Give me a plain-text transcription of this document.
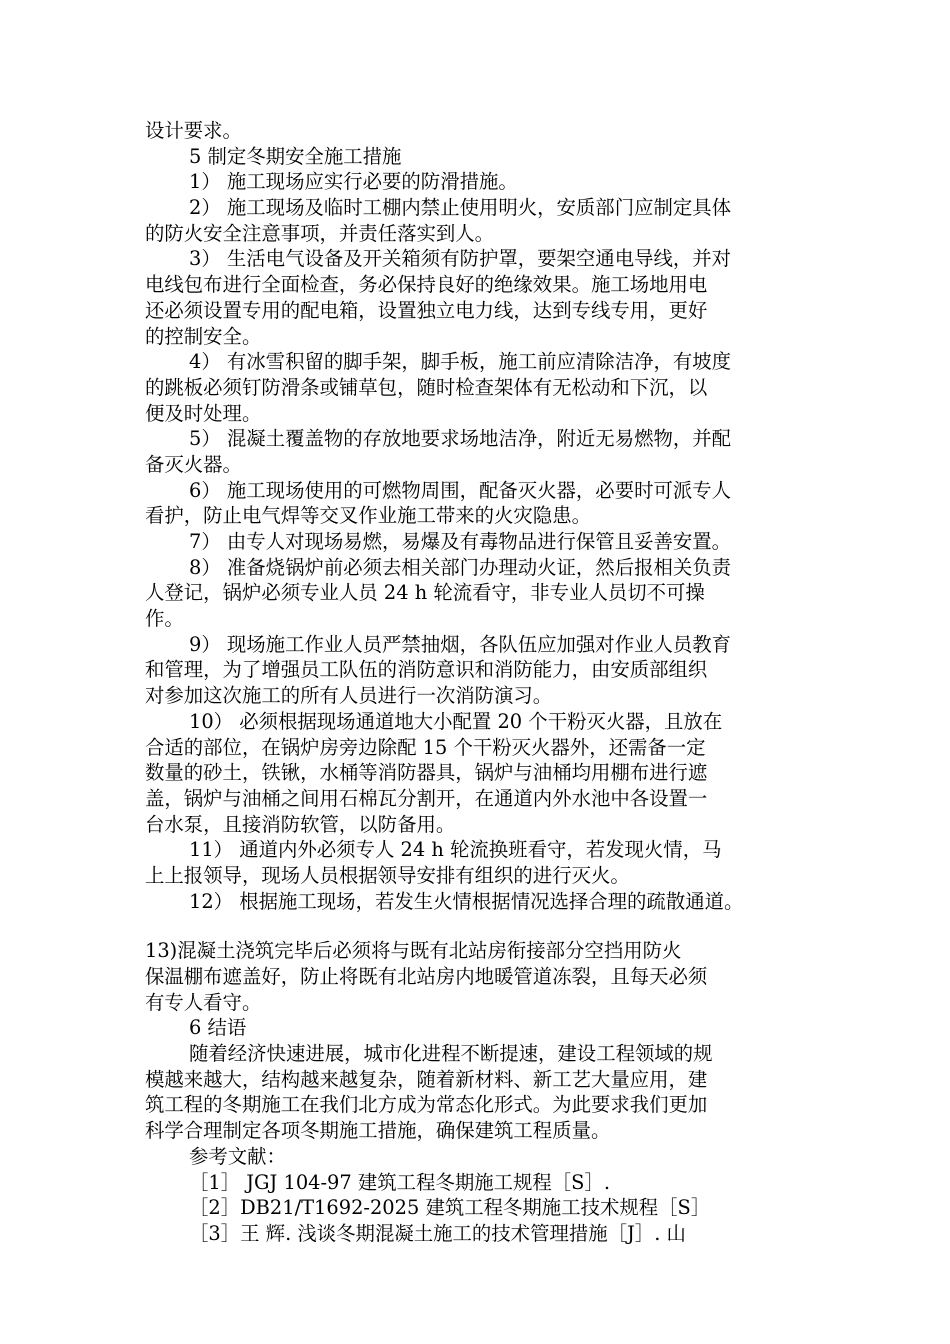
设计要求。
5 制定冬期安全施工措施
1） 施工现场应实行必要的防滑措施。
2） 施工现场及临时工棚内禁止使用明火，安质部门应制定具体
的防火安全注意事项，并责任落实到人。
3） 生活电气设备及开关箱须有防护罩，要架空通电导线，并对
电线包布进行全面检查，务必保持良好的绝缘效果。施工场地用电
还必须设置专用的配电箱，设置独立电力线，达到专线专用，更好
的控制安全。
4） 有冰雪积留的脚手架，脚手板，施工前应清除洁净，有坡度
的跳板必须钉防滑条或铺草包，随时检查架体有无松动和下沉，以
便及时处理。
5） 混凝土覆盖物的存放地要求场地洁净，附近无易燃物，并配
备灭火器。
6） 施工现场使用的可燃物周围，配备灭火器，必要时可派专人
看护，防止电气焊等交叉作业施工带来的火灾隐患。
7） 由专人对现场易燃，易爆及有毒物品进行保管且妥善安置。
8） 准备烧锅炉前必须去相关部门办理动火证，然后报相关负责
人登记，锅炉必须专业人员 24 h 轮流看守，非专业人员切不可操
作。
9） 现场施工作业人员严禁抽烟，各队伍应加强对作业人员教育
和管理，为了增强员工队伍的消防意识和消防能力，由安质部组织
对参加这次施工的所有人员进行一次消防演习。
10） 必须根据现场通道地大小配置 20 个干粉灭火器，且放在
合适的部位，在锅炉房旁边除配 15 个干粉灭火器外，还需备一定
数量的砂土，铁锹，水桶等消防器具，锅炉与油桶均用棚布进行遮
盖，锅炉与油桶之间用石棉瓦分割开，在通道内外水池中各设置一
台水泵，且接消防软管，以防备用。
11） 通道内外必须专人 24 h 轮流换班看守，若发现火情，马
上上报领导，现场人员根据领导安排有组织的进行灭火。
12） 根据施工现场，若发生火情根据情况选择合理的疏散通道。
13)混凝土浇筑完毕后必须将与既有北站房衔接部分空挡用防火
保温棚布遮盖好，防止将既有北站房内地暖管道冻裂，且每天必须
有专人看守。
6 结语
随着经济快速进展，城市化进程不断提速，建设工程领域的规
模越来越大，结构越来越复杂，随着新材料、新工艺大量应用，建
筑工程的冬期施工在我们北方成为常态化形式。为此要求我们更加
科学合理制定各项冬期施工措施，确保建筑工程质量。
参考文献：
［1］ JGJ 104-97 建筑工程冬期施工规程［S］.
［2］DB21/T1692-2025 建筑工程冬期施工技术规程［S］
［3］王 辉. 浅谈冬期混凝土施工的技术管理措施［J］. 山
